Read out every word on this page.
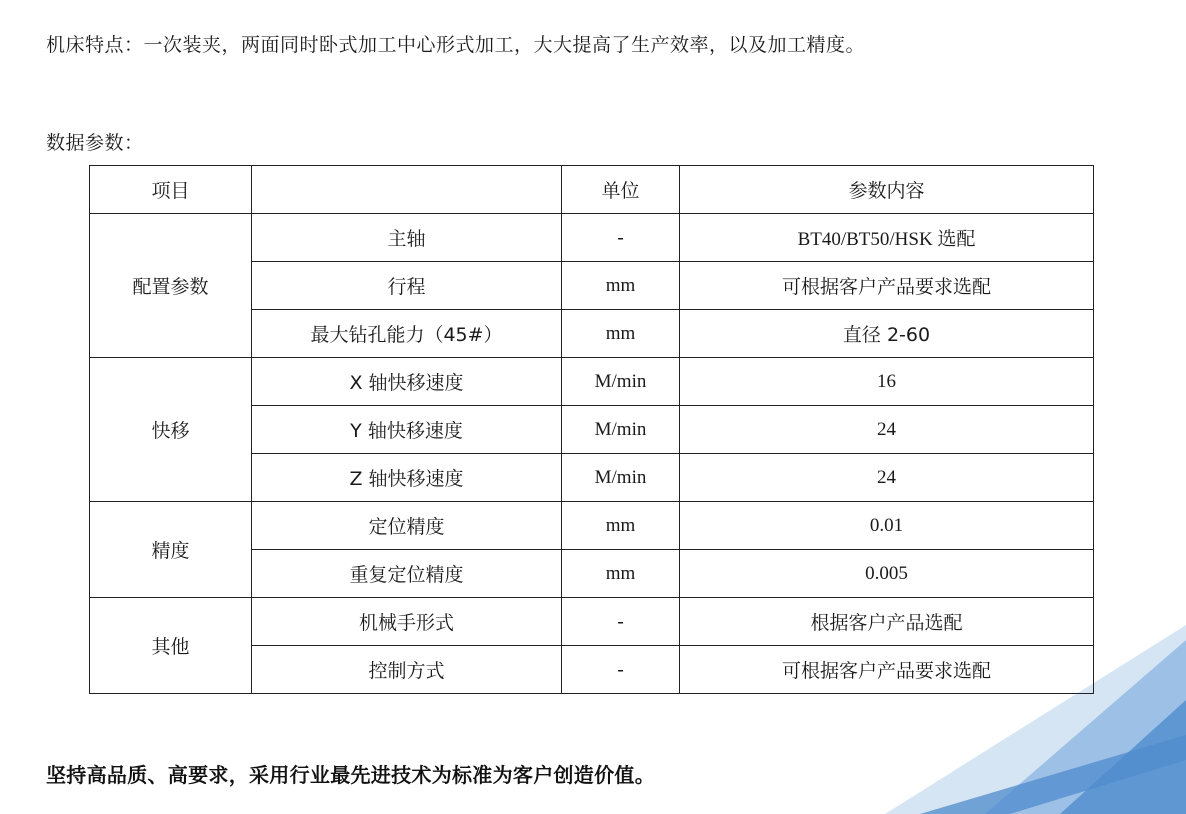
机床特点：一次装夹，两面同时卧式加工中心形式加工，大大提高了生产效率，以及加工精度。
数据参数：
项目		单位	参数内容
配置参数	主轴	-	BT40/BT50/HSK 选配
	行程	mm	可根据客户产品要求选配
	最大钻孔能力（45#）	mm	直径 2-60
快移	X 轴快移速度	M/min	16
	Y 轴快移速度	M/min	24
	Z 轴快移速度	M/min	24
精度	定位精度	mm	0.01
	重复定位精度	mm	0.005
其他	机械手形式	-	根据客户产品选配
	控制方式	-	可根据客户产品要求选配
坚持高品质、高要求，采用行业最先进技术为标准为客户创造价值。
